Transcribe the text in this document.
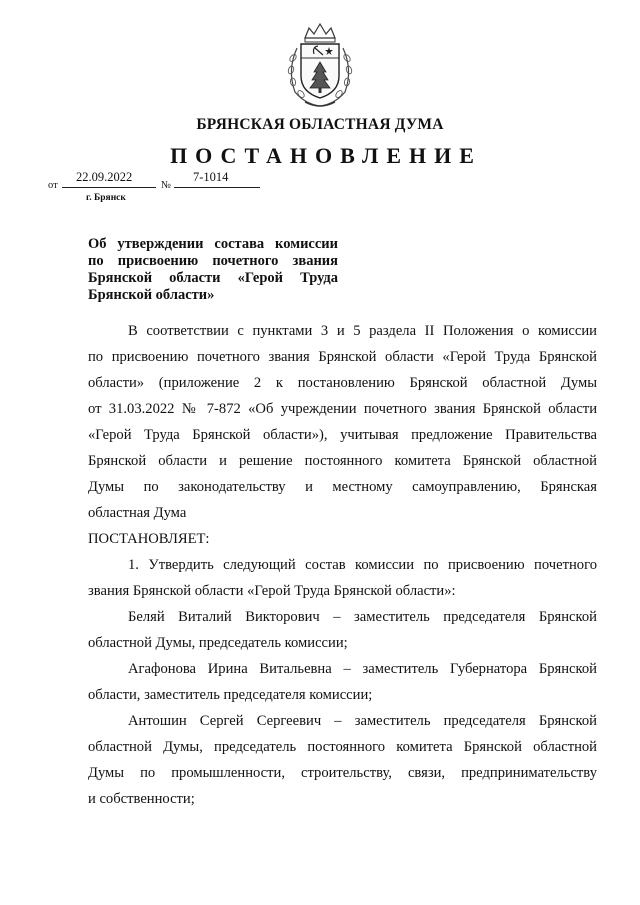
БРЯНСКАЯ ОБЛАСТНАЯ ДУМА
ПОСТАНОВЛЕНИЕ
от
22.09.2022
№
7-1014
г. Брянск
Об утверждении состава комиссии
по присвоению почетного звания
Брянской области «Герой Труда
Брянской области»
В соответствии с пунктами 3 и 5 раздела II Положения о комиссии
по присвоению почетного звания Брянской области «Герой Труда Брянской
области» (приложение 2 к постановлению Брянской областной Думы
от 31.03.2022 № 7-872 «Об учреждении почетного звания Брянской области
«Герой Труда Брянской области»), учитывая предложение Правительства
Брянской области и решение постоянного комитета Брянской областной
Думы по законодательству и местному самоуправлению, Брянская
областная Дума
ПОСТАНОВЛЯЕТ:
1. Утвердить следующий состав комиссии по присвоению почетного
звания Брянской области «Герой Труда Брянской области»:
Беляй Виталий Викторович – заместитель председателя Брянской
областной Думы, председатель комиссии;
Агафонова Ирина Витальевна – заместитель Губернатора Брянской
области, заместитель председателя комиссии;
Антошин Сергей Сергеевич – заместитель председателя Брянской
областной Думы, председатель постоянного комитета Брянской областной
Думы по промышленности, строительству, связи, предпринимательству
и собственности;
